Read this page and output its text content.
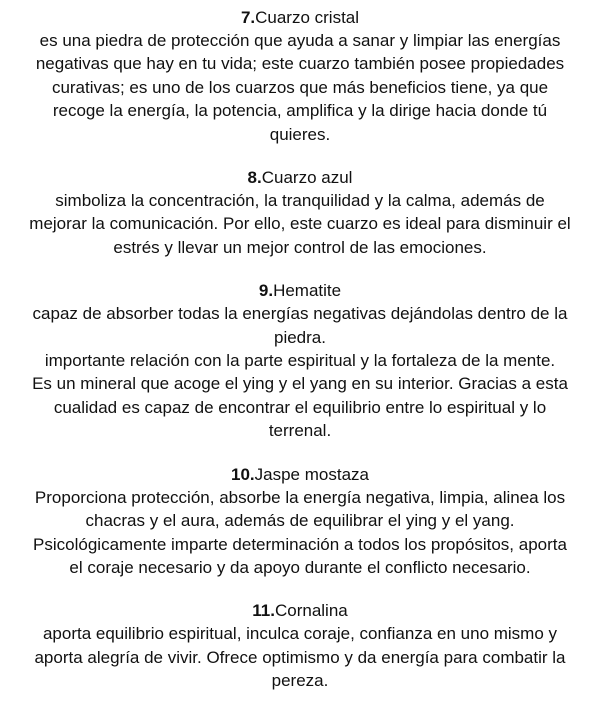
7.Cuarzo cristal

es una piedra de protección que ayuda a sanar y limpiar las energías

negativas que hay en tu vida; este cuarzo también posee propiedades

curativas; es uno de los cuarzos que más beneficios tiene, ya que

recoge la energía, la potencia, amplifica y la dirige hacia donde tú

quieres.

8.Cuarzo azul

simboliza la concentración, la tranquilidad y la calma, además de

mejorar la comunicación. Por ello, este cuarzo es ideal para disminuir el

estrés y llevar un mejor control de las emociones.

9.Hematite

capaz de absorber todas la energías negativas dejándolas dentro de la

piedra.

importante relación con la parte espiritual y la fortaleza de la mente.

Es un mineral que acoge el ying y el yang en su interior. Gracias a esta

cualidad es capaz de encontrar el equilibrio entre lo espiritual y lo

terrenal.

10.Jaspe mostaza

Proporciona protección, absorbe la energía negativa, limpia, alinea los

chacras y el aura, además de equilibrar el ying y el yang.

Psicológicamente imparte determinación a todos los propósitos, aporta

el coraje necesario y da apoyo durante el conflicto necesario.

11.Cornalina

aporta equilibrio espiritual, inculca coraje, confianza en uno mismo y

aporta alegría de vivir. Ofrece optimismo y da energía para combatir la

pereza.
